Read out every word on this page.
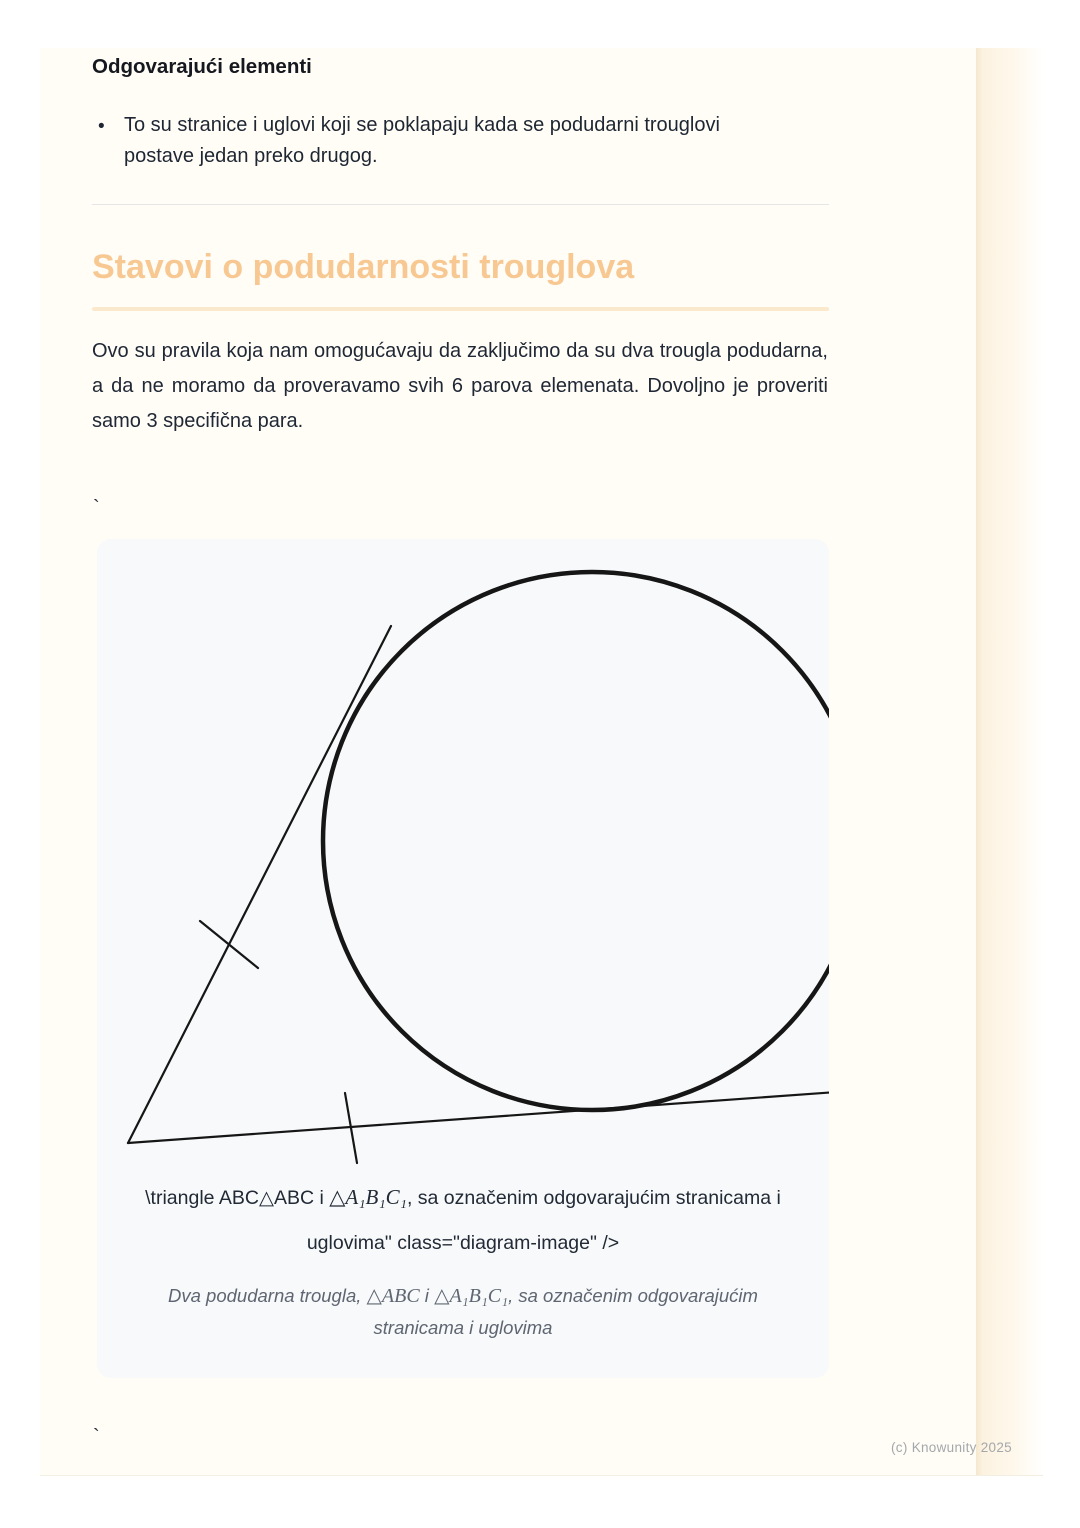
Odgovarajući elementi
• To su stranice i uglovi koji se poklapaju kada se podudarni trouglovi postave jedan preko drugog.
Stavovi o podudarnosti trouglova

Ovo su pravila koja nam omogućavaju da zaključimo da su dva trougla podudarna, a da ne moramo da proveravamo svih 6 parova elemenata. Dovoljno je proveriti samo 3 specifična para.

`
\triangle ABC△ABC i △A₁B₁C₁, sa označenim odgovarajućim stranicama i uglovima" class="diagram-image" />
Dva podudarna trougla, △ABC i △A₁B₁C₁, sa označenim odgovarajućim stranicama i uglovima
`	(c) Knowunity 2025
